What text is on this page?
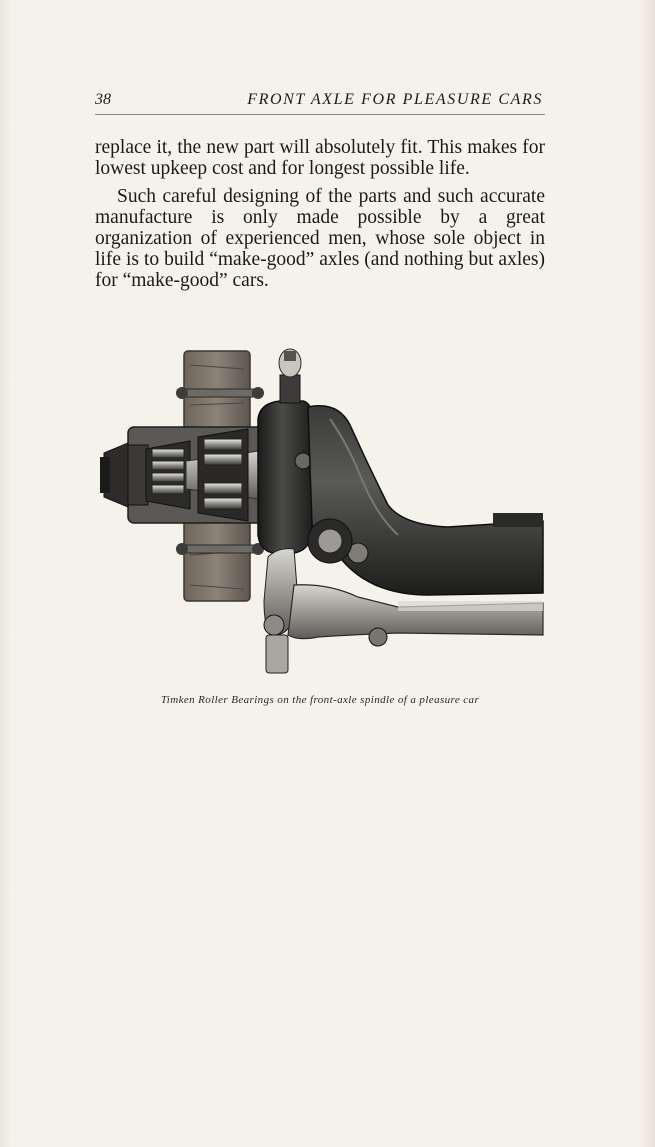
38	FRONT AXLE FOR PLEASURE CARS

replace it, the new part will absolutely fit. This makes for lowest upkeep cost and for longest possible life.

Such careful designing of the parts and such accurate manufacture is only made possible by a great organization of experienced men, whose sole object in life is to build “make-good” axles (and nothing but axles) for “make-good” cars.

Timken Roller Bearings on the front-axle spindle of a pleasure car
